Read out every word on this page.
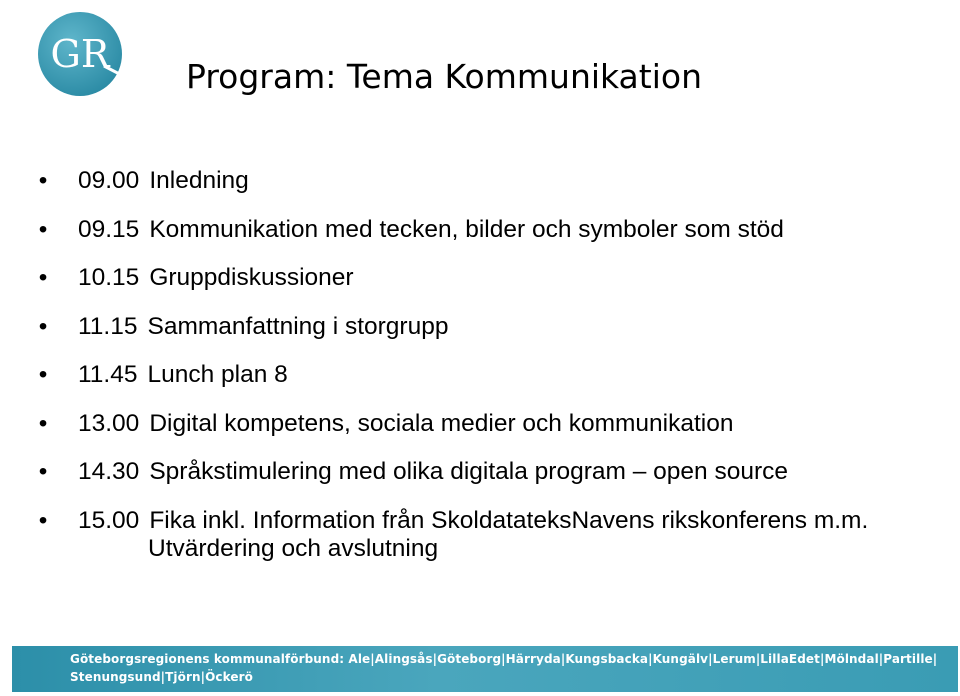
GR
Program: Tema Kommunikation
• 09.00 Inledning
• 09.15 Kommunikation med tecken, bilder och symboler som stöd
• 10.15 Gruppdiskussioner
• 11.15 Sammanfattning i storgrupp
• 11.45 Lunch plan 8
• 13.00 Digital kompetens, sociala medier och kommunikation
• 14.30 Språkstimulering med olika digitala program – open source
• 15.00 Fika inkl. Information från SkoldatateksNavens rikskonferens m.m.
Utvärdering och avslutning
Göteborgsregionens kommunalförbund: Ale|Alingsås|Göteborg|Härryda|Kungsbacka|Kungälv|Lerum|LillaEdet|Mölndal|Partille|
Stenungsund|Tjörn|Öckerö
